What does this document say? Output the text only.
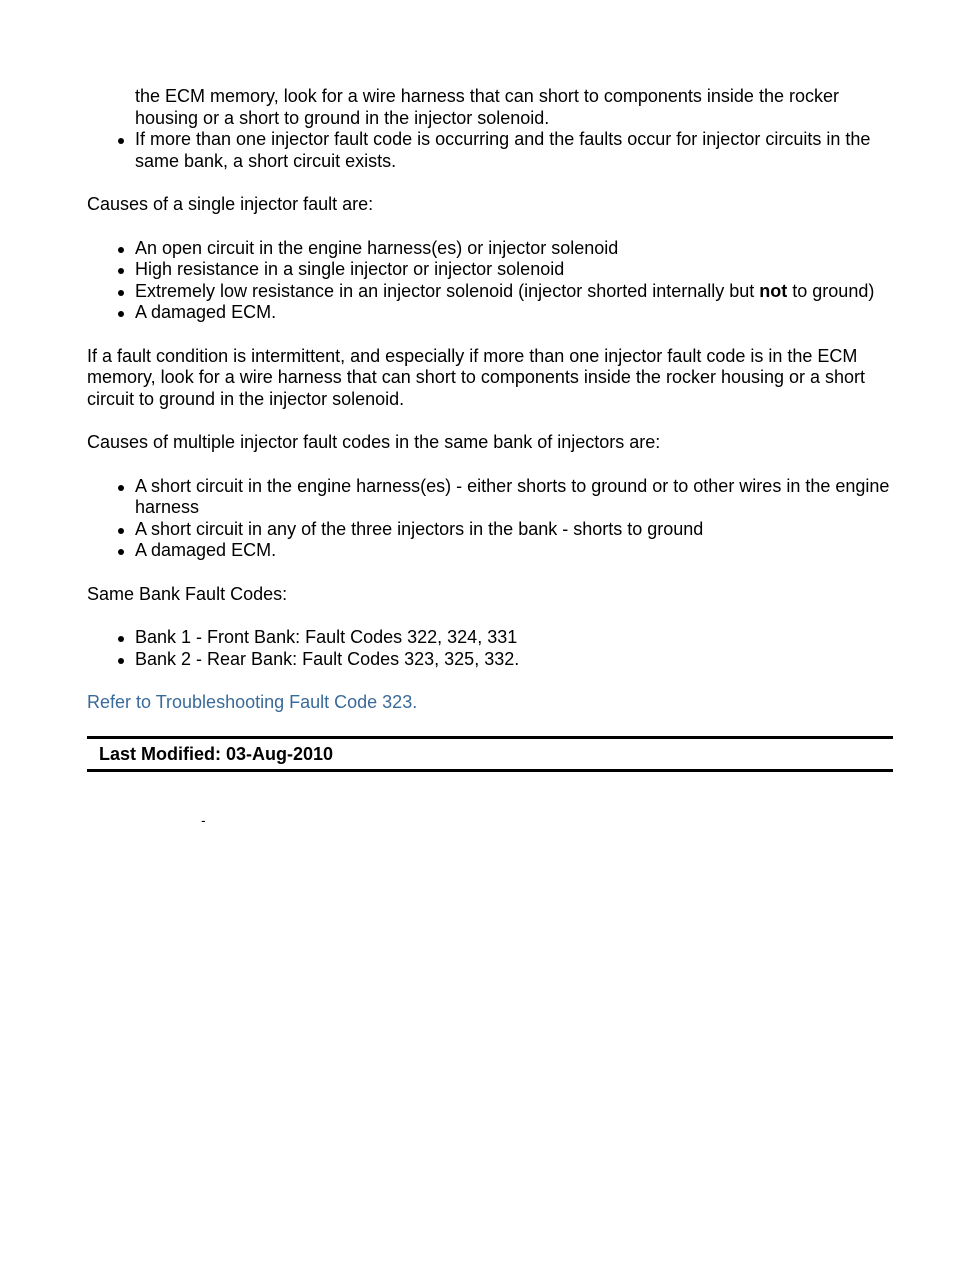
the ECM memory, look for a wire harness that can short to components inside the rocker housing or a short to ground in the injector solenoid.
If more than one injector fault code is occurring and the faults occur for injector circuits in the same bank, a short circuit exists.

Causes of a single injector fault are:

An open circuit in the engine harness(es) or injector solenoid
High resistance in a single injector or injector solenoid
Extremely low resistance in an injector solenoid (injector shorted internally but not to ground)
A damaged ECM.

If a fault condition is intermittent, and especially if more than one injector fault code is in the ECM memory, look for a wire harness that can short to components inside the rocker housing or a short circuit to ground in the injector solenoid.

Causes of multiple injector fault codes in the same bank of injectors are:

A short circuit in the engine harness(es) - either shorts to ground or to other wires in the engine harness
A short circuit in any of the three injectors in the bank - shorts to ground
A damaged ECM.

Same Bank Fault Codes:

Bank 1 - Front Bank: Fault Codes 322, 324, 331
Bank 2 - Rear Bank: Fault Codes 323, 325, 332.

Refer to Troubleshooting Fault Code 323.

Last Modified: 03-Aug-2010
-
